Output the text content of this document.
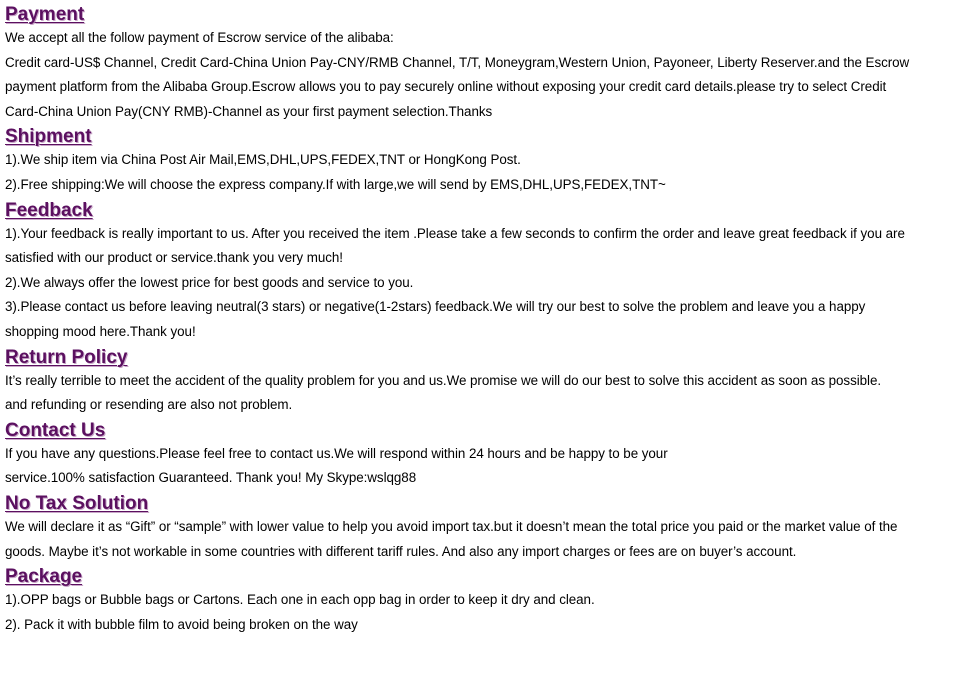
Payment
We accept all the follow payment of Escrow service of the alibaba:
Credit card-US$ Channel, Credit Card-China Union Pay-CNY/RMB Channel, T/T, Moneygram,Western Union, Payoneer, Liberty Reserver.and the Escrow
payment platform from the Alibaba Group.Escrow allows you to pay securely online without exposing your credit card details.please try to select Credit
Card-China Union Pay(CNY RMB)-Channel as your first payment selection.Thanks
Shipment
1).We ship item via China Post Air Mail,EMS,DHL,UPS,FEDEX,TNT or HongKong Post.
2).Free shipping:We will choose the express company.If with large,we will send by EMS,DHL,UPS,FEDEX,TNT~
Feedback
1).Your feedback is really important to us. After you received the item .Please take a few seconds to confirm the order and leave great feedback if you are
satisfied with our product or service.thank you very much!
2).We always offer the lowest price for best goods and service to you.
3).Please contact us before leaving neutral(3 stars) or negative(1-2stars) feedback.We will try our best to solve the problem and leave you a happy
shopping mood here.Thank you!
Return Policy
It’s really terrible to meet the accident of the quality problem for you and us.We promise we will do our best to solve this accident as soon as possible.
and refunding or resending are also not problem.
Contact Us
If you have any questions.Please feel free to contact us.We will respond within 24 hours and be happy to be your
service.100% satisfaction Guaranteed. Thank you! My Skype:wslqg88
No Tax Solution
We will declare it as “Gift” or “sample” with lower value to help you avoid import tax.but it doesn’t mean the total price you paid or the market value of the
goods. Maybe it’s not workable in some countries with different tariff rules. And also any import charges or fees are on buyer’s account.
Package
1).OPP bags or Bubble bags or Cartons. Each one in each opp bag in order to keep it dry and clean.
2). Pack it with bubble film to avoid being broken on the way
